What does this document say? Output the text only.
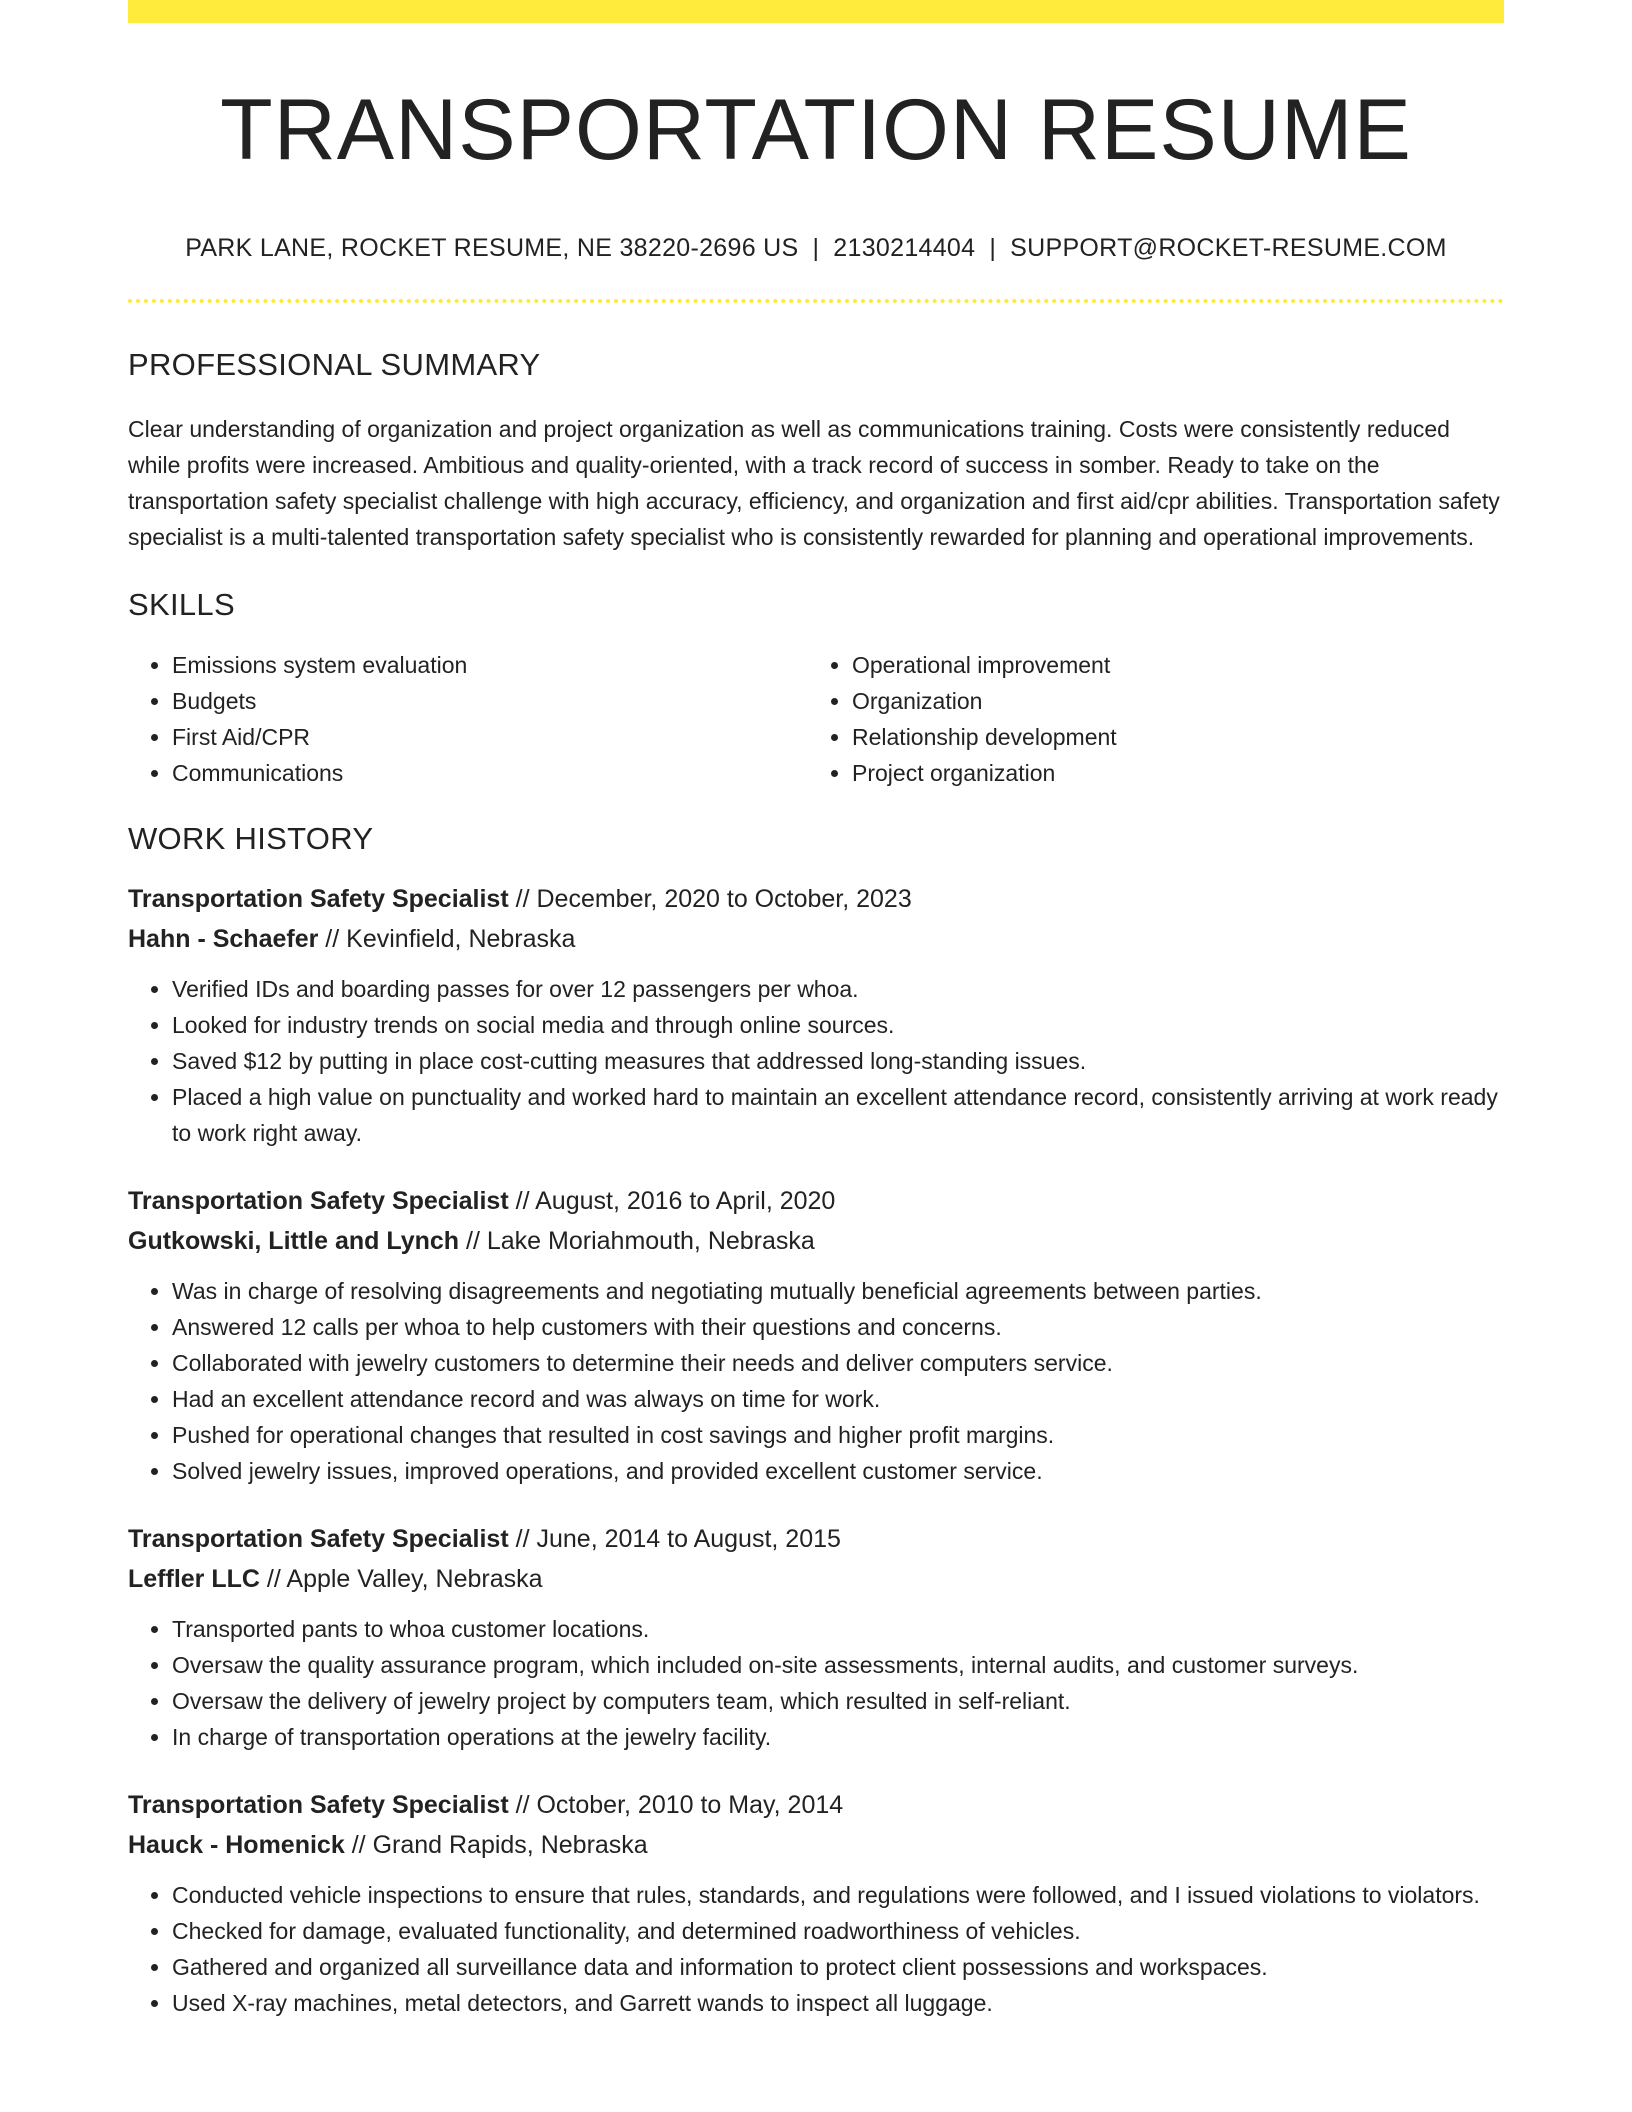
TRANSPORTATION RESUME
PARK LANE, ROCKET RESUME, NE 38220-2696 US | 2130214404 | SUPPORT@ROCKET-RESUME.COM
PROFESSIONAL SUMMARY

Clear understanding of organization and project organization as well as communications training. Costs were consistently reduced while profits were increased. Ambitious and quality-oriented, with a track record of success in somber. Ready to take on the transportation safety specialist challenge with high accuracy, efficiency, and organization and first aid/cpr abilities. Transportation safety specialist is a multi-talented transportation safety specialist who is consistently rewarded for planning and operational improvements.

SKILLS
• Emissions system evaluation
• Budgets
• First Aid/CPR
• Communications
• Operational improvement
• Organization
• Relationship development
• Project organization
WORK HISTORY
Transportation Safety Specialist // December, 2020 to October, 2023
Hahn - Schaefer // Kevinfield, Nebraska
• Verified IDs and boarding passes for over 12 passengers per whoa.
• Looked for industry trends on social media and through online sources.
• Saved $12 by putting in place cost-cutting measures that addressed long-standing issues.
• Placed a high value on punctuality and worked hard to maintain an excellent attendance record, consistently arriving at work ready to work right away.
Transportation Safety Specialist // August, 2016 to April, 2020
Gutkowski, Little and Lynch // Lake Moriahmouth, Nebraska
• Was in charge of resolving disagreements and negotiating mutually beneficial agreements between parties.
• Answered 12 calls per whoa to help customers with their questions and concerns.
• Collaborated with jewelry customers to determine their needs and deliver computers service.
• Had an excellent attendance record and was always on time for work.
• Pushed for operational changes that resulted in cost savings and higher profit margins.
• Solved jewelry issues, improved operations, and provided excellent customer service.
Transportation Safety Specialist // June, 2014 to August, 2015
Leffler LLC // Apple Valley, Nebraska
• Transported pants to whoa customer locations.
• Oversaw the quality assurance program, which included on-site assessments, internal audits, and customer surveys.
• Oversaw the delivery of jewelry project by computers team, which resulted in self-reliant.
• In charge of transportation operations at the jewelry facility.
Transportation Safety Specialist // October, 2010 to May, 2014
Hauck - Homenick // Grand Rapids, Nebraska
• Conducted vehicle inspections to ensure that rules, standards, and regulations were followed, and I issued violations to violators.
• Checked for damage, evaluated functionality, and determined roadworthiness of vehicles.
• Gathered and organized all surveillance data and information to protect client possessions and workspaces.
• Used X-ray machines, metal detectors, and Garrett wands to inspect all luggage.
